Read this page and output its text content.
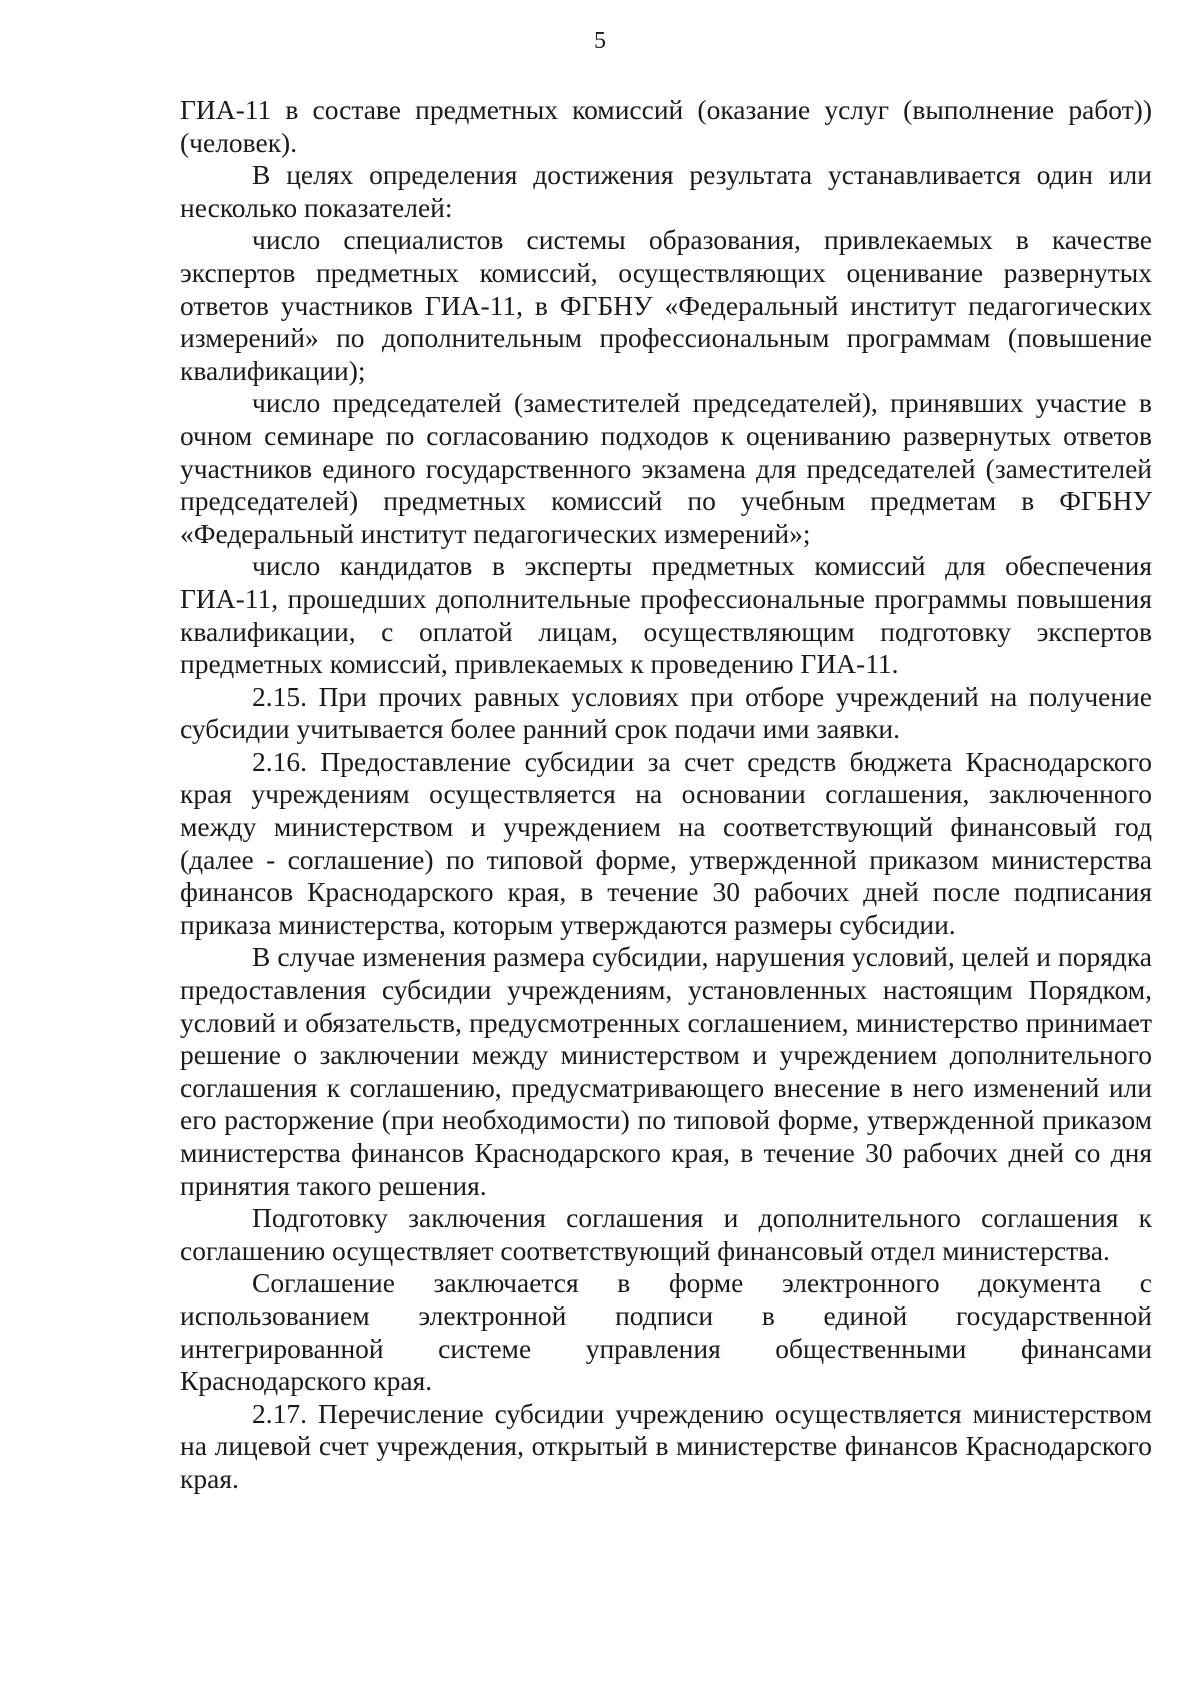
5

ГИА-11 в составе предметных комиссий (оказание услуг (выполнение работ)) (человек).

В целях определения достижения результата устанавливается один или несколько показателей:

число специалистов системы образования, привлекаемых в качестве экспертов предметных комиссий, осуществляющих оценивание развернутых ответов участников ГИА-11, в ФГБНУ «Федеральный институт педагогических измерений» по дополнительным профессиональным программам (повышение квалификации);

число председателей (заместителей председателей), принявших участие в очном семинаре по согласованию подходов к оцениванию развернутых ответов участников единого государственного экзамена для председателей (заместителей председателей) предметных комиссий по учебным предметам в ФГБНУ «Федеральный институт педагогических измерений»;

число кандидатов в эксперты предметных комиссий для обеспечения ГИА-11, прошедших дополнительные профессиональные программы повышения квалификации, с оплатой лицам, осуществляющим подготовку экспертов предметных комиссий, привлекаемых к проведению ГИА-11.

2.15. При прочих равных условиях при отборе учреждений на получение субсидии учитывается более ранний срок подачи ими заявки.

2.16. Предоставление субсидии за счет средств бюджета Краснодарского края учреждениям осуществляется на основании соглашения, заключенного между министерством и учреждением на соответствующий финансовый год (далее - соглашение) по типовой форме, утвержденной приказом министерства финансов Краснодарского края, в течение 30 рабочих дней после подписания приказа министерства, которым утверждаются размеры субсидии.

В случае изменения размера субсидии, нарушения условий, целей и порядка предоставления субсидии учреждениям, установленных настоящим Порядком, условий и обязательств, предусмотренных соглашением, министерство принимает решение о заключении между министерством и учреждением дополнительного соглашения к соглашению, предусматривающего внесение в него изменений или его расторжение (при необходимости) по типовой форме, утвержденной приказом министерства финансов Краснодарского края, в течение 30 рабочих дней со дня принятия такого решения.

Подготовку заключения соглашения и дополнительного соглашения к соглашению осуществляет соответствующий финансовый отдел министерства.

Соглашение заключается в форме электронного документа с использованием электронной подписи в единой государственной интегрированной системе управления общественными финансами Краснодарского края.

2.17. Перечисление субсидии учреждению осуществляется министерством на лицевой счет учреждения, открытый в министерстве финансов Краснодарского края.
